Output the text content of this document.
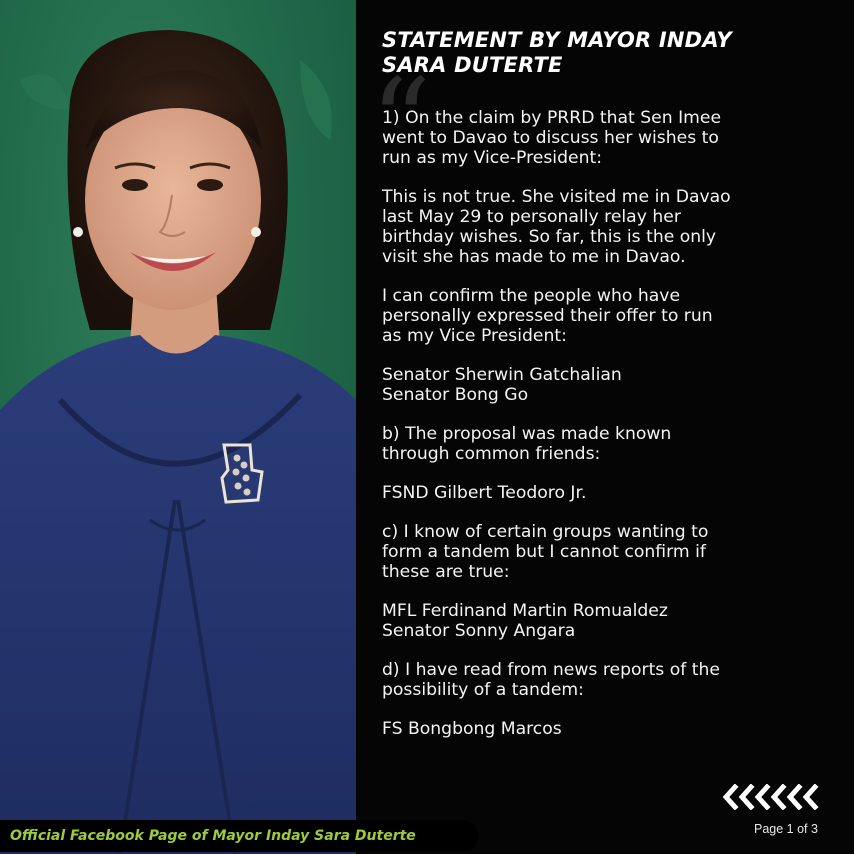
STATEMENT BY MAYOR INDAY
SARA DUTERTE
“
1) On the claim by PRRD that Sen Imee
went to Davao to discuss her wishes to
run as my Vice-President:
This is not true. She visited me in Davao
last May 29 to personally relay her
birthday wishes. So far, this is the only
visit she has made to me in Davao.
I can confirm the people who have
personally expressed their offer to run
as my Vice President:
Senator Sherwin Gatchalian
Senator Bong Go
b) The proposal was made known
through common friends:
FSND Gilbert Teodoro Jr.
c) I know of certain groups wanting to
form a tandem but I cannot confirm if
these are true:
MFL Ferdinand Martin Romualdez
Senator Sonny Angara
d) I have read from news reports of the
possibility of a tandem:
FS Bongbong Marcos
Page 1 of 3
Official Facebook Page of Mayor Inday Sara Duterte
